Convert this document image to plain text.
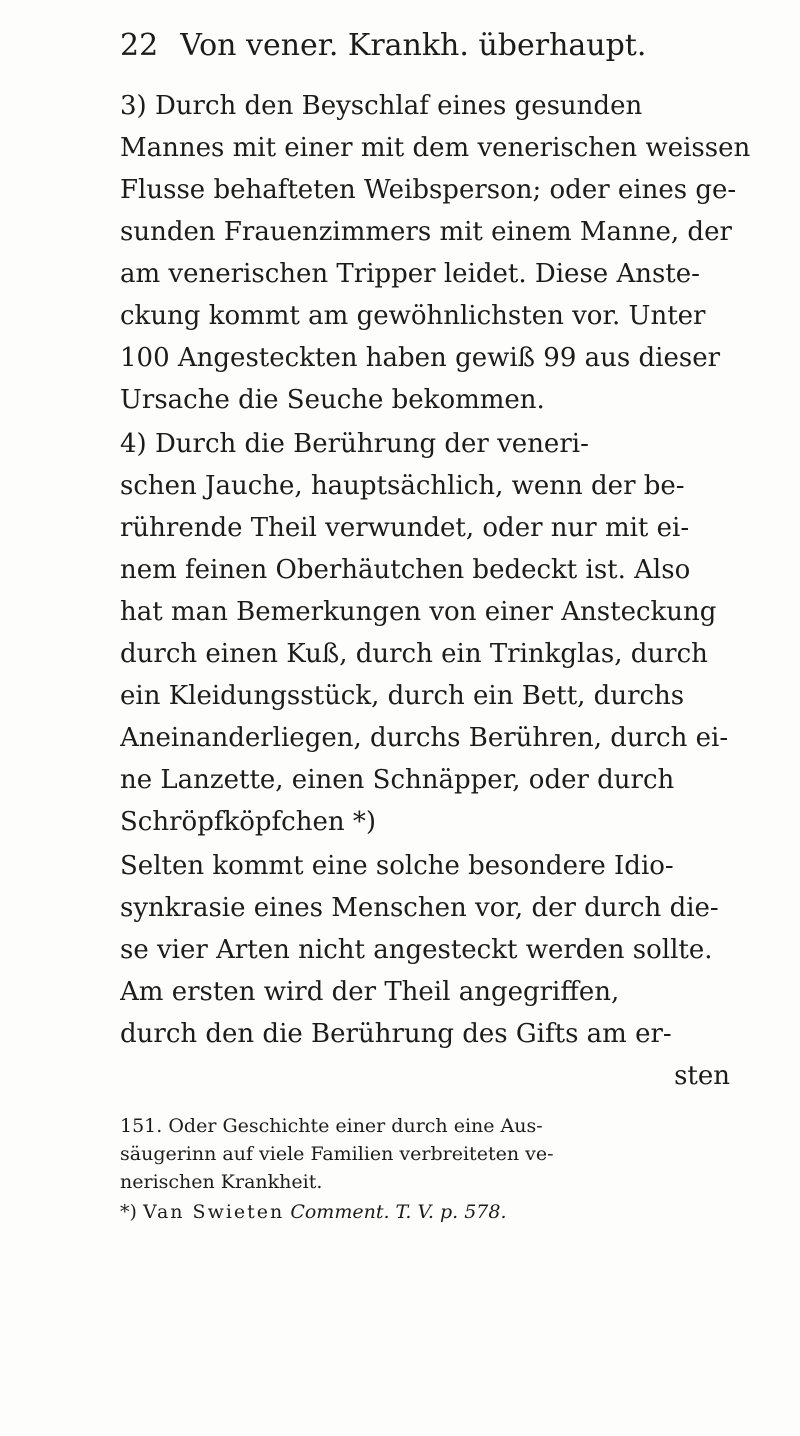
22 Von vener. Krankh. überhaupt.
3) Durch den Beyschlaf eines gesunden
Mannes mit einer mit dem venerischen weissen
Flusse behafteten Weibsperson; oder eines ge-
sunden Frauenzimmers mit einem Manne, der
am venerischen Tripper leidet. Diese Anste-
ckung kommt am gewöhnlichsten vor. Unter
100 Angesteckten haben gewiß 99 aus dieser
Ursache die Seuche bekommen.
4) Durch die Berührung der veneri-
schen Jauche, hauptsächlich, wenn der be-
rührende Theil verwundet, oder nur mit ei-
nem feinen Oberhäutchen bedeckt ist. Also
hat man Bemerkungen von einer Ansteckung
durch einen Kuß, durch ein Trinkglas, durch
ein Kleidungsstück, durch ein Bett, durchs
Aneinanderliegen, durchs Berühren, durch ei-
ne Lanzette, einen Schnäpper, oder durch
Schröpfköpfchen *)
Selten kommt eine solche besondere Idio-
synkrasie eines Menschen vor, der durch die-
se vier Arten nicht angesteckt werden sollte.
Am ersten wird der Theil angegriffen,
durch den die Berührung des Gifts am er-
sten
151. Oder Geschichte einer durch eine Aus-
säugerinn auf viele Familien verbreiteten ve-
nerischen Krankheit.
*) Van Swieten Comment. T. V. p. 578.
